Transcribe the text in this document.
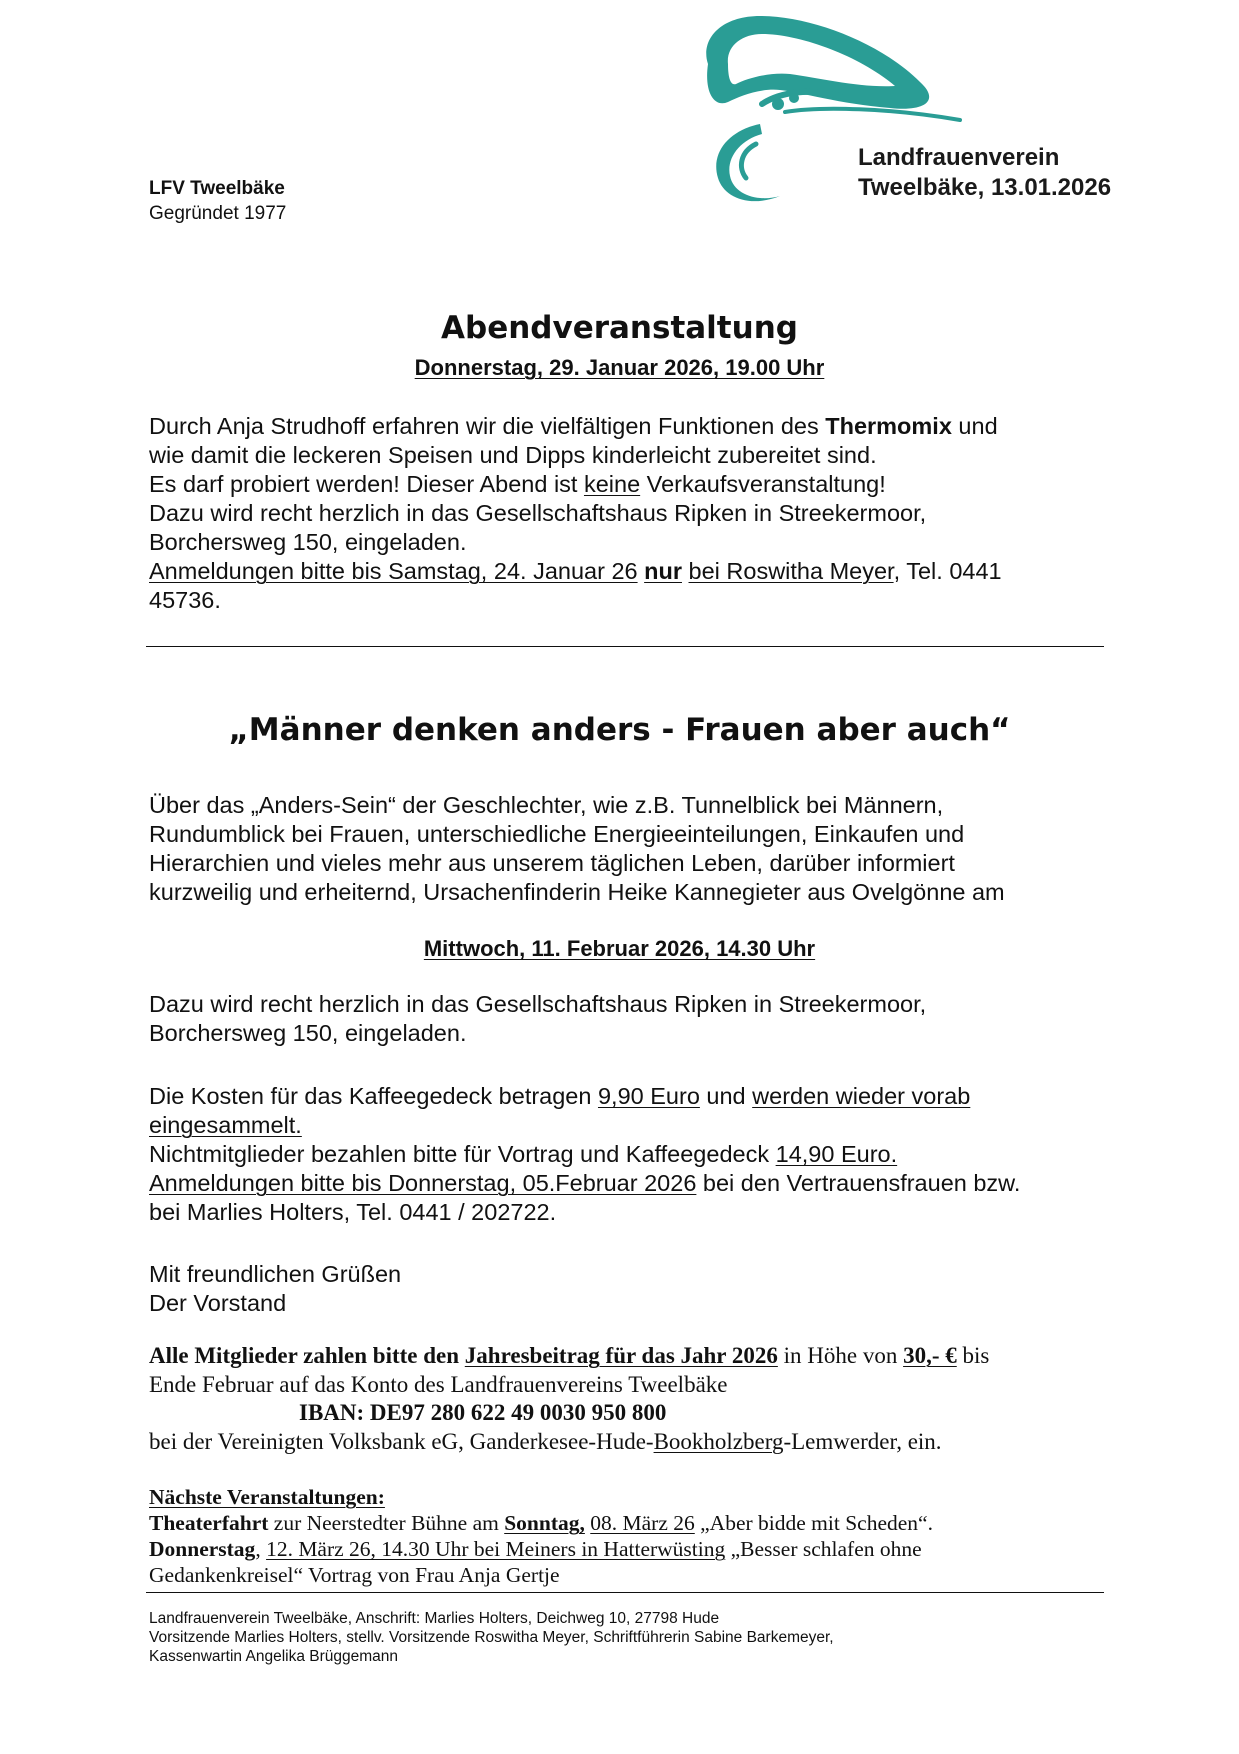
LFV Tweelbäke
Gegründet 1977
Landfrauenverein
Tweelbäke, 13.01.2026
Abendveranstaltung
Donnerstag, 29. Januar 2026, 19.00 Uhr

Durch Anja Strudhoff erfahren wir die vielfältigen Funktionen des Thermomix und

wie damit die leckeren Speisen und Dipps kinderleicht zubereitet sind.

Es darf probiert werden! Dieser Abend ist keine Verkaufsveranstaltung!

Dazu wird recht herzlich in das Gesellschaftshaus Ripken in Streekermoor,

Borchersweg 150, eingeladen.

Anmeldungen bitte bis Samstag, 24. Januar 26 nur bei Roswitha Meyer, Tel. 0441

45736.

„Männer denken anders - Frauen aber auch“

Über das „Anders-Sein“ der Geschlechter, wie z.B. Tunnelblick bei Männern,

Rundumblick bei Frauen, unterschiedliche Energieeinteilungen, Einkaufen und

Hierarchien und vieles mehr aus unserem täglichen Leben, darüber informiert

kurzweilig und erheiternd, Ursachenfinderin Heike Kannegieter aus Ovelgönne am

Mittwoch, 11. Februar 2026, 14.30 Uhr

Dazu wird recht herzlich in das Gesellschaftshaus Ripken in Streekermoor,

Borchersweg 150, eingeladen.

Die Kosten für das Kaffeegedeck betragen 9,90 Euro und werden wieder vorab

eingesammelt.

Nichtmitglieder bezahlen bitte für Vortrag und Kaffeegedeck 14,90 Euro.

Anmeldungen bitte bis Donnerstag, 05.Februar 2026 bei den Vertrauensfrauen bzw.

bei Marlies Holters, Tel. 0441 / 202722.

Mit freundlichen Grüßen

Der Vorstand

Alle Mitglieder zahlen bitte den Jahresbeitrag für das Jahr 2026 in Höhe von 30,- € bis

Ende Februar auf das Konto des Landfrauenvereins Tweelbäke

IBAN: DE97 280 622 49 0030 950 800

bei der Vereinigten Volksbank eG, Ganderkesee-Hude-Bookholzberg-Lemwerder, ein.

Nächste Veranstaltungen:

Theaterfahrt zur Neerstedter Bühne am Sonntag, 08. März 26 „Aber bidde mit Scheden“.

Donnerstag, 12. März 26, 14.30 Uhr bei Meiners in Hatterwüsting „Besser schlafen ohne

Gedankenkreisel“ Vortrag von Frau Anja Gertje

Landfrauenverein Tweelbäke, Anschrift: Marlies Holters, Deichweg 10, 27798 Hude

Vorsitzende Marlies Holters, stellv. Vorsitzende Roswitha Meyer, Schriftführerin Sabine Barkemeyer,

Kassenwartin Angelika Brüggemann
